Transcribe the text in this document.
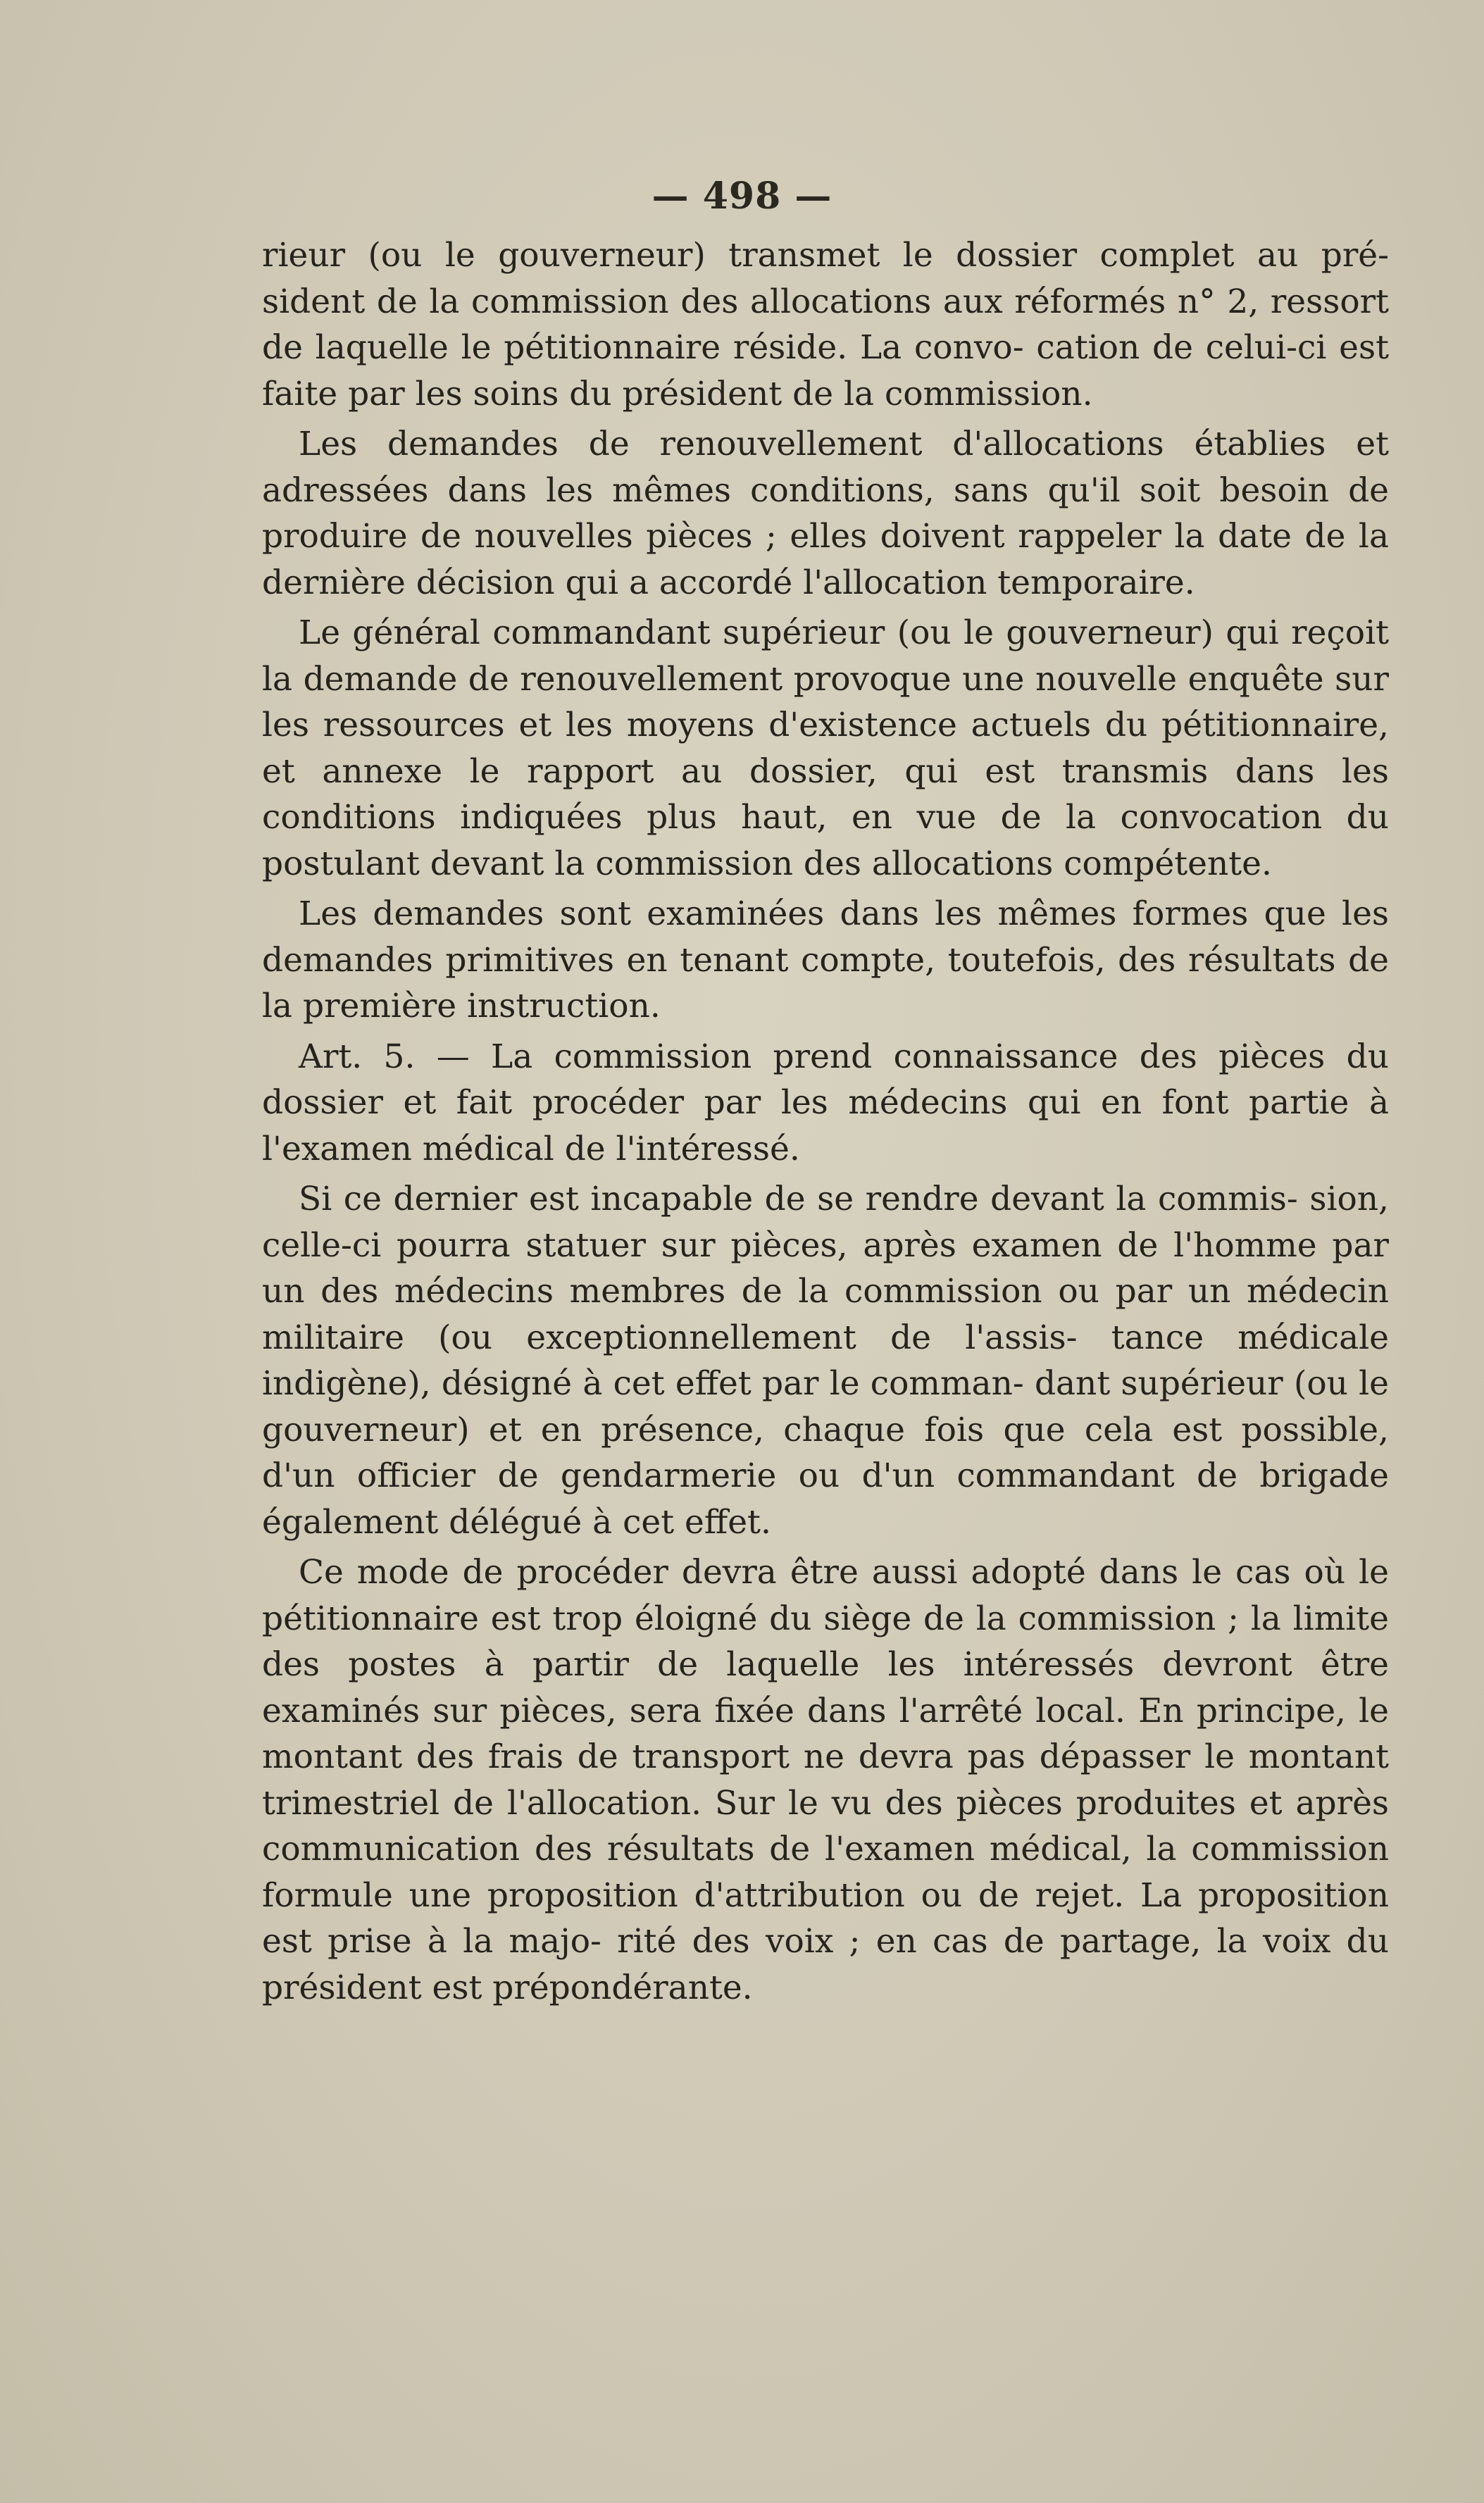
— 498 —

rieur (ou le gouverneur) transmet le dossier complet au pré- sident de la commission des allocations aux réformés n° 2, ressort de laquelle le pétitionnaire réside. La convo- cation de celui-ci est faite par les soins du président de la commission.

Les demandes de renouvellement d'allocations établies et adressées dans les mêmes conditions, sans qu'il soit besoin de produire de nouvelles pièces ; elles doivent rappeler la date de la dernière décision qui a accordé l'allocation temporaire.

Le général commandant supérieur (ou le gouverneur) qui reçoit la demande de renouvellement provoque une nouvelle enquête sur les ressources et les moyens d'existence actuels du pétitionnaire, et annexe le rapport au dossier, qui est transmis dans les conditions indiquées plus haut, en vue de la convocation du postulant devant la commission des allocations compétente.

Les demandes sont examinées dans les mêmes formes que les demandes primitives en tenant compte, toutefois, des résultats de la première instruction.

Art. 5. — La commission prend connaissance des pièces du dossier et fait procéder par les médecins qui en font partie à l'examen médical de l'intéressé.

Si ce dernier est incapable de se rendre devant la commis- sion, celle-ci pourra statuer sur pièces, après examen de l'homme par un des médecins membres de la commission ou par un médecin militaire (ou exceptionnellement de l'assis- tance médicale indigène), désigné à cet effet par le comman- dant supérieur (ou le gouverneur) et en présence, chaque fois que cela est possible, d'un officier de gendarmerie ou d'un commandant de brigade également délégué à cet effet.

Ce mode de procéder devra être aussi adopté dans le cas où le pétitionnaire est trop éloigné du siège de la commission ; la limite des postes à partir de laquelle les intéressés devront être examinés sur pièces, sera fixée dans l'arrêté local. En principe, le montant des frais de transport ne devra pas dépasser le montant trimestriel de l'allocation. Sur le vu des pièces produites et après communication des résultats de l'examen médical, la commission formule une proposition d'attribution ou de rejet. La proposition est prise à la majo- rité des voix ; en cas de partage, la voix du président est prépondérante.
